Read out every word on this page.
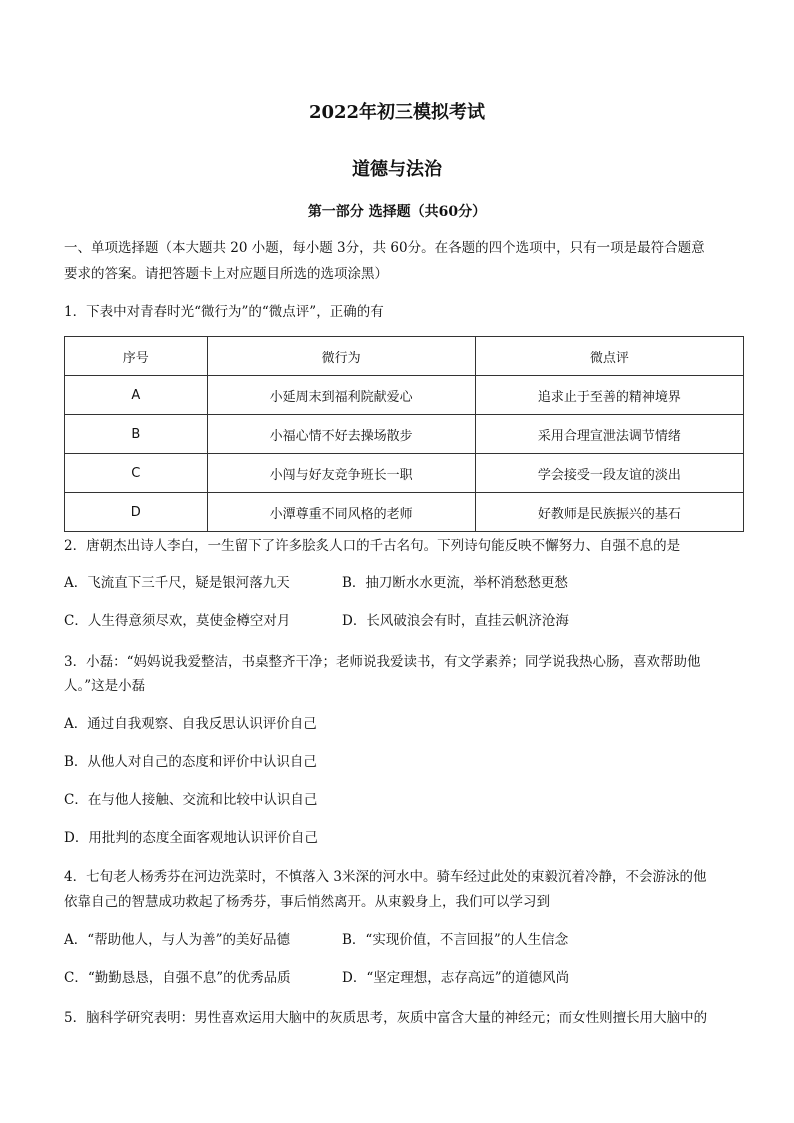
2022年初三模拟考试
道德与法治
第一部分 选择题（共60分）
一、单项选择题（本大题共 20 小题，每小题 3分，共 60分。在各题的四个选项中，只有一项是最符合题意
要求的答案。请把答题卡上对应题目所选的选项涂黑）
1．下表中对青春时光“微行为”的“微点评”，正确的有
序号	微行为	微点评
A	小延周末到福利院献爱心	追求止于至善的精神境界
B	小福心情不好去操场散步	采用合理宣泄法调节情绪
C	小闯与好友竞争班长一职	学会接受一段友谊的淡出
D	小潭尊重不同风格的老师	好教师是民族振兴的基石
2．唐朝杰出诗人李白，一生留下了许多脍炙人口的千古名句。下列诗句能反映不懈努力、自强不息的是
A．飞流直下三千尺，疑是银河落九天	B．抽刀断水水更流，举杯消愁愁更愁
C．人生得意须尽欢，莫使金樽空对月	D．长风破浪会有时，直挂云帆济沧海
3．小磊：“妈妈说我爱整洁，书桌整齐干净；老师说我爱读书，有文学素养；同学说我热心肠，喜欢帮助他
人。”这是小磊
A．通过自我观察、自我反思认识评价自己
B．从他人对自己的态度和评价中认识自己
C．在与他人接触、交流和比较中认识自己
D．用批判的态度全面客观地认识评价自己
4．七旬老人杨秀芬在河边洗菜时，不慎落入 3米深的河水中。骑车经过此处的束毅沉着冷静，不会游泳的他
依靠自己的智慧成功救起了杨秀芬，事后悄然离开。从束毅身上，我们可以学习到
A．“帮助他人，与人为善”的美好品德	B．“实现价值，不言回报”的人生信念
C．“勤勤恳恳，自强不息”的优秀品质	D．“坚定理想，志存高远”的道德风尚
5．脑科学研究表明：男性喜欢运用大脑中的灰质思考，灰质中富含大量的神经元；而女性则擅长用大脑中的
